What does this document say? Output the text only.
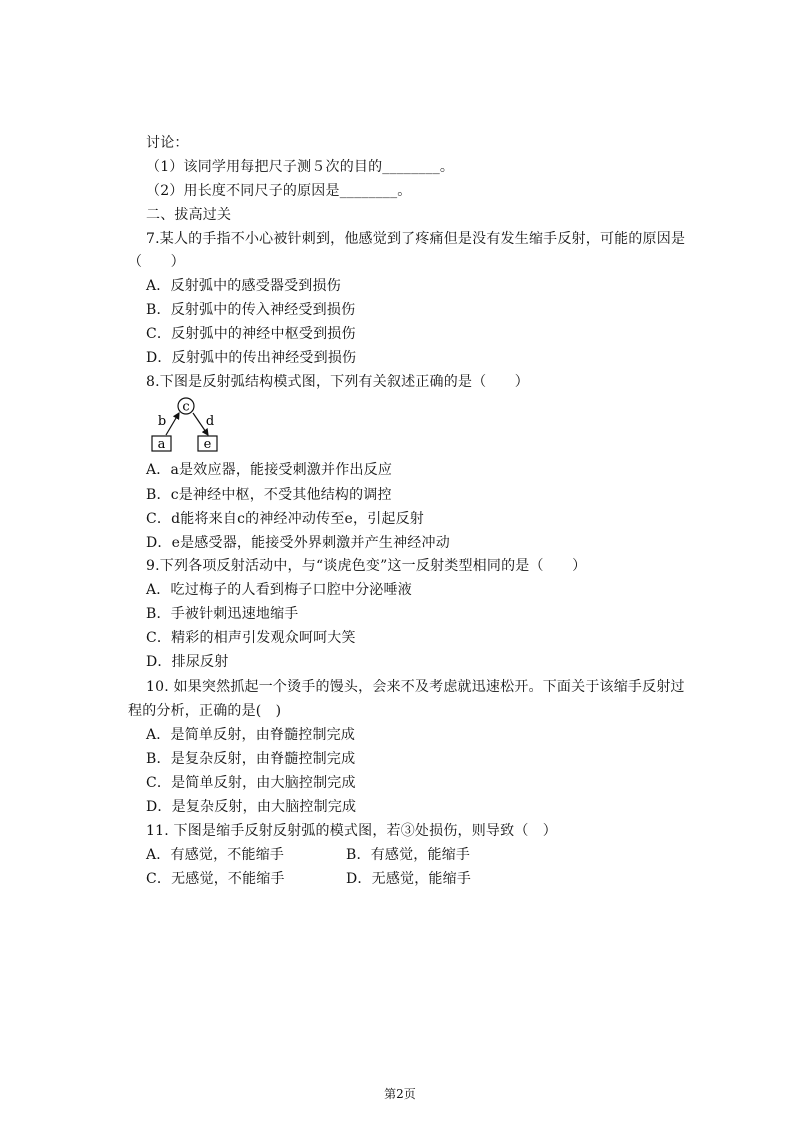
讨论：
（1）该同学用每把尺子测５次的目的________。
（2）用长度不同尺子的原因是________。
二、拔高过关
7.某人的手指不小心被针刺到，他感觉到了疼痛但是没有发生缩手反射，可能的原因是
（　　）
A．反射弧中的感受器受到损伤
B．反射弧中的传入神经受到损伤
C．反射弧中的神经中枢受到损伤
D．反射弧中的传出神经受到损伤
8.下图是反射弧结构模式图，下列有关叙述正确的是（　　）
c
b	d
a	e
A．a是效应器，能接受刺激并作出反应
B．c是神经中枢，不受其他结构的调控
C．d能将来自c的神经冲动传至e，引起反射
D．e是感受器，能接受外界刺激并产生神经冲动
9.下列各项反射活动中，与“谈虎色变”这一反射类型相同的是（　　）
A．吃过梅子的人看到梅子口腔中分泌唾液
B．手被针刺迅速地缩手
C．精彩的相声引发观众呵呵大笑
D．排尿反射
10. 如果突然抓起一个烫手的馒头，会来不及考虑就迅速松开。下面关于该缩手反射过
程的分析，正确的是(　)
A．是简单反射，由脊髓控制完成
B．是复杂反射，由脊髓控制完成
C．是简单反射，由大脑控制完成
D．是复杂反射，由大脑控制完成
11. 下图是缩手反射反射弧的模式图，若③处损伤，则导致（　）
A．有感觉，不能缩手	B．有感觉，能缩手
C．无感觉，不能缩手	D．无感觉，能缩手
第2页
